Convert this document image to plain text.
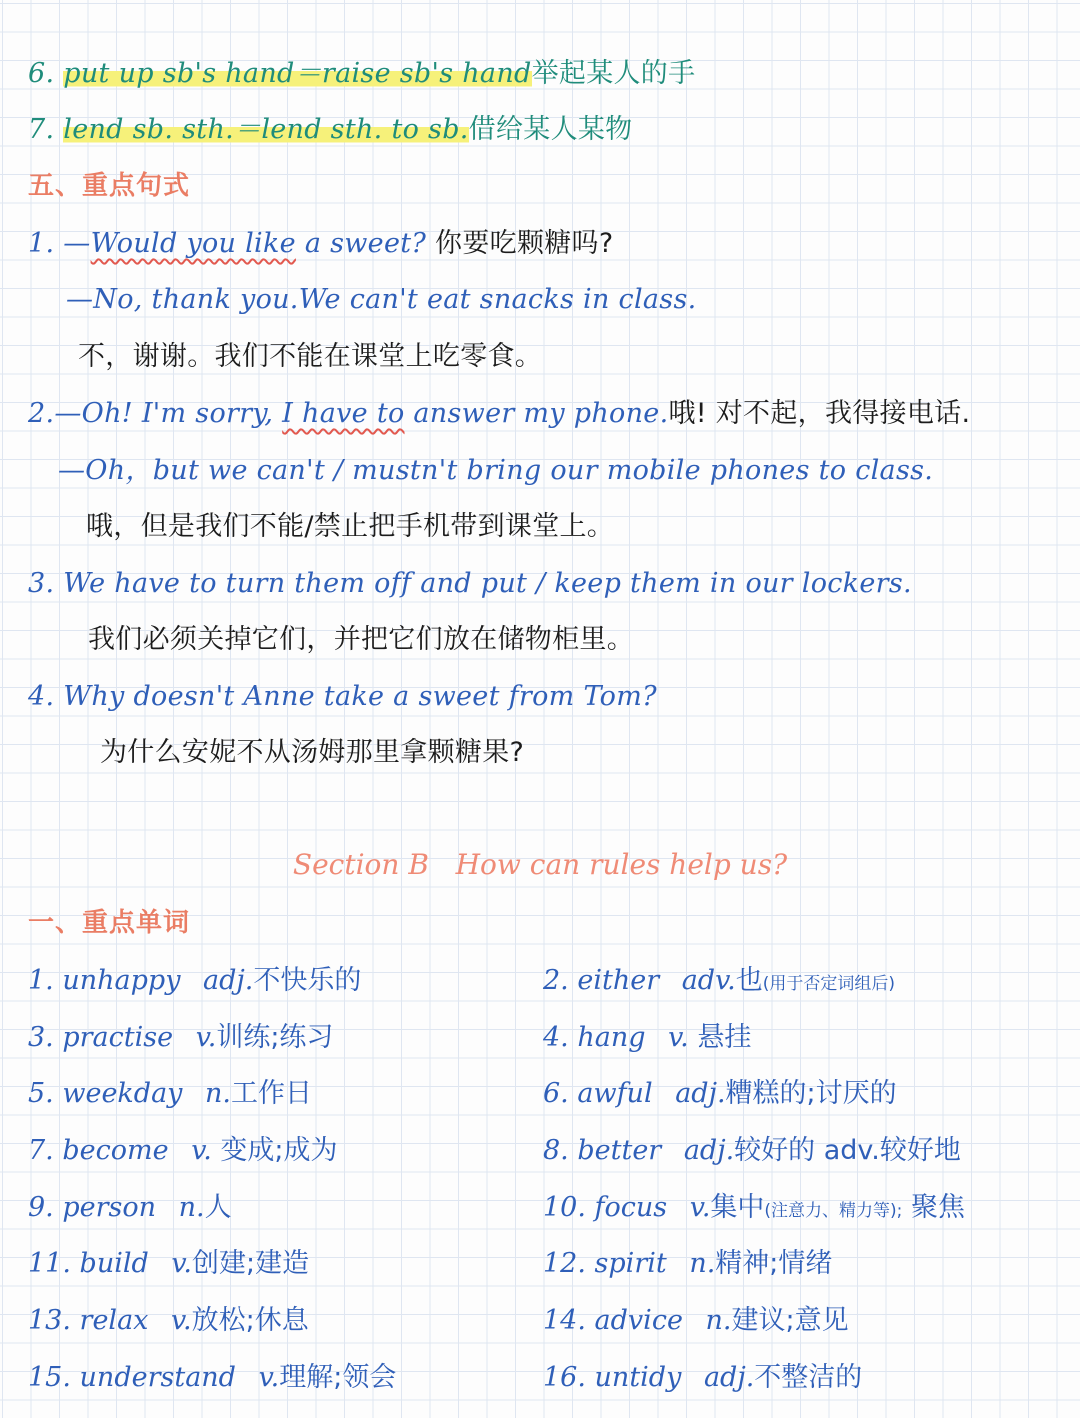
6. put up sb's hand＝raise sb's hand举起某人的手
7. lend sb. sth.＝lend sth. to sb.借给某人某物
五、重点句式
1. —Would you like a sweet? 你要吃颗糖吗?
—No, thank you.We can't eat snacks in class.
不，谢谢。我们不能在课堂上吃零食。
2.—Oh! I'm sorry, I have to answer my phone.哦! 对不起，我得接电话.
—Oh，but we can't / mustn't bring our mobile phones to class.
哦，但是我们不能/禁止把手机带到课堂上。
3. We have to turn them off and put / keep them in our lockers.
我们必须关掉它们，并把它们放在储物柜里。
4. Why doesn't Anne take a sweet from Tom?
为什么安妮不从汤姆那里拿颗糖果?
Section B   How can rules help us?
一、重点单词
1. unhappy adj.不快乐的
3. practise v.训练;练习
5. weekday n.工作日
7. become v. 变成;成为
9. person n.人
11. build v.创建;建造
13. relax v.放松;休息
15. understand v.理解;领会
2. either adv.也(用于否定词组后)
4. hang v. 悬挂
6. awful adj.糟糕的;讨厌的
8. better adj.较好的 adv.较好地
10. focus v.集中(注意力、精力等); 聚焦
12. spirit n.精神;情绪
14. advice n.建议;意见
16. untidy adj.不整洁的
